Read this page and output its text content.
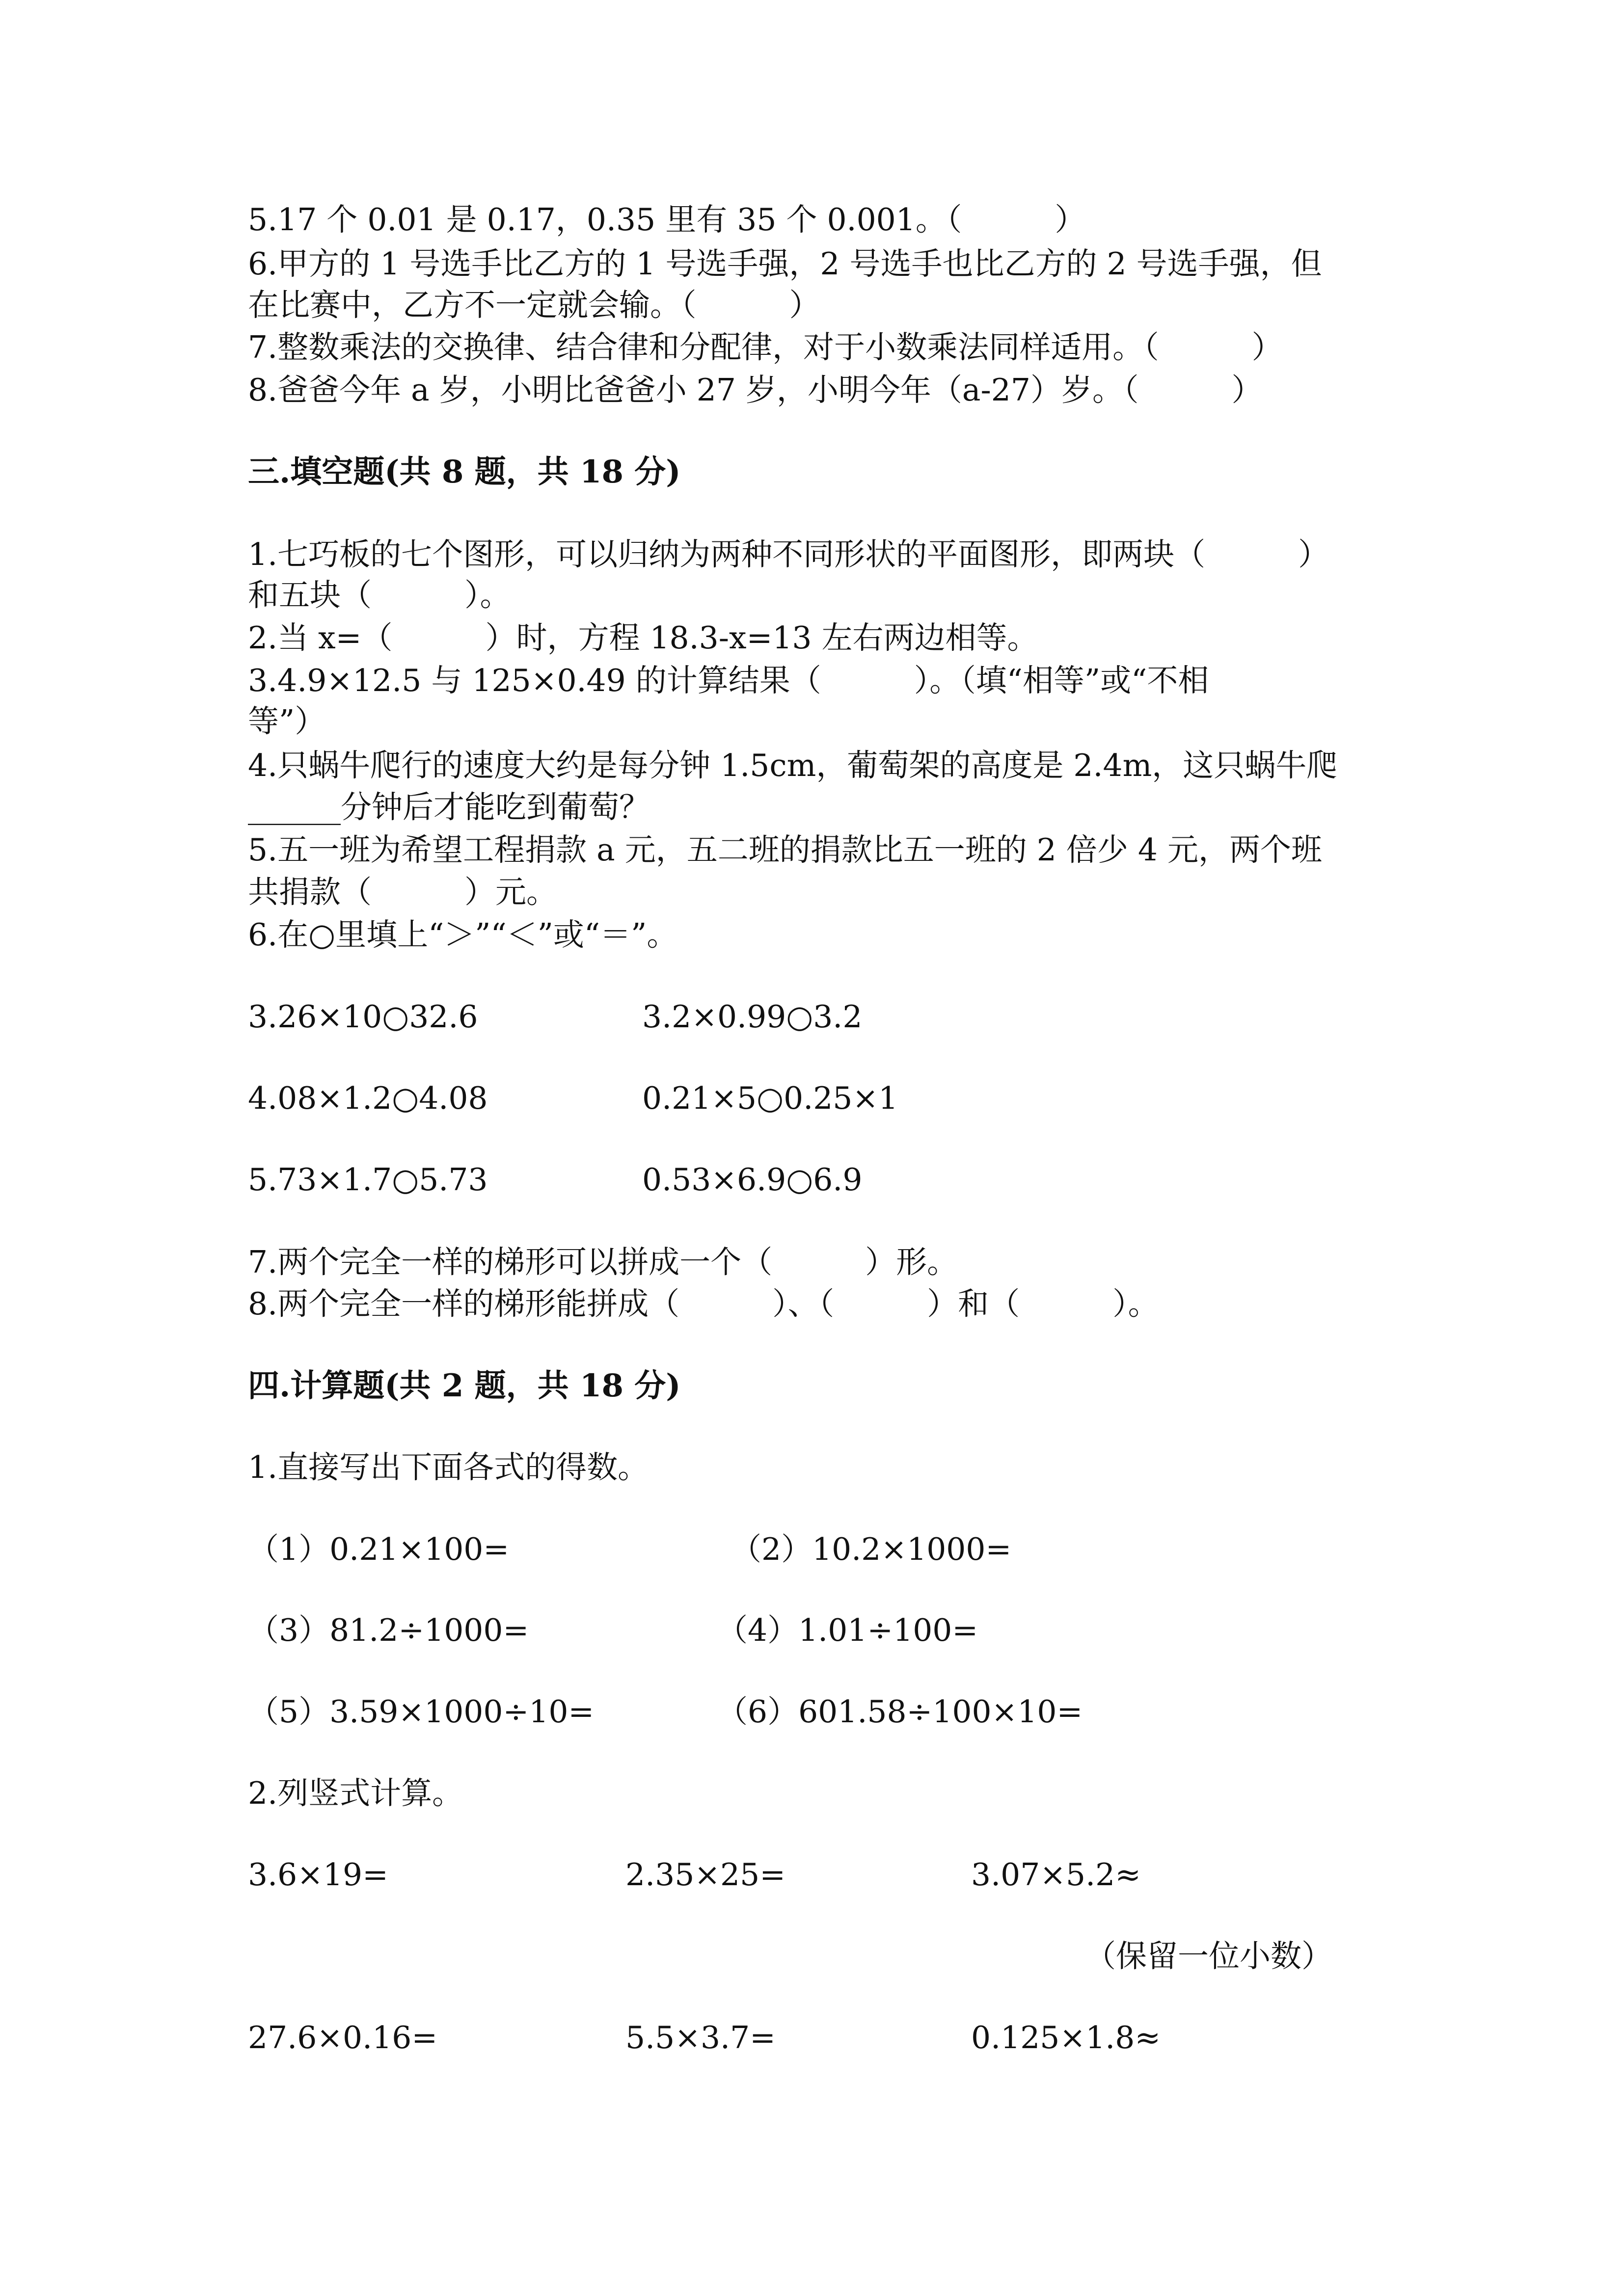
5.17 个 0.01 是 0.17，0.35 里有 35 个 0.001。（　　　）
6.甲方的 1 号选手比乙方的 1 号选手强，2 号选手也比乙方的 2 号选手强，但
在比赛中，乙方不一定就会输。（　　　）
7.整数乘法的交换律、结合律和分配律，对于小数乘法同样适用。（　　　）
8.爸爸今年 a 岁，小明比爸爸小 27 岁，小明今年（a-27）岁。（　　　）
三.填空题(共 8 题，共 18 分)
1.七巧板的七个图形，可以归纳为两种不同形状的平面图形，即两块（　　　）
和五块（　　　）。
2.当 x=（　　　）时，方程 18.3-x=13 左右两边相等。
3.4.9×12.5 与 125×0.49 的计算结果（　　　）。（填“相等”或“不相
等”）
4.只蜗牛爬行的速度大约是每分钟 1.5cm，葡萄架的高度是 2.4m，这只蜗牛爬
______分钟后才能吃到葡萄？
5.五一班为希望工程捐款 a 元，五二班的捐款比五一班的 2 倍少 4 元，两个班
共捐款（　　　）元。
6.在○里填上“＞”“＜”或“＝”。
3.26×10○32.6	3.2×0.99○3.2
4.08×1.2○4.08	0.21×5○0.25×1
5.73×1.7○5.73	0.53×6.9○6.9
7.两个完全一样的梯形可以拼成一个（　　　）形。
8.两个完全一样的梯形能拼成（　　　）、（　　　）和（　　　）。
四.计算题(共 2 题，共 18 分)
1.直接写出下面各式的得数。
（1）0.21×100=	（2）10.2×1000=
（3）81.2÷1000=	（4）1.01÷100=
（5）3.59×1000÷10=	（6）601.58÷100×10=
2.列竖式计算。
3.6×19=	2.35×25=	3.07×5.2≈
（保留一位小数）
27.6×0.16=	5.5×3.7=	0.125×1.8≈
